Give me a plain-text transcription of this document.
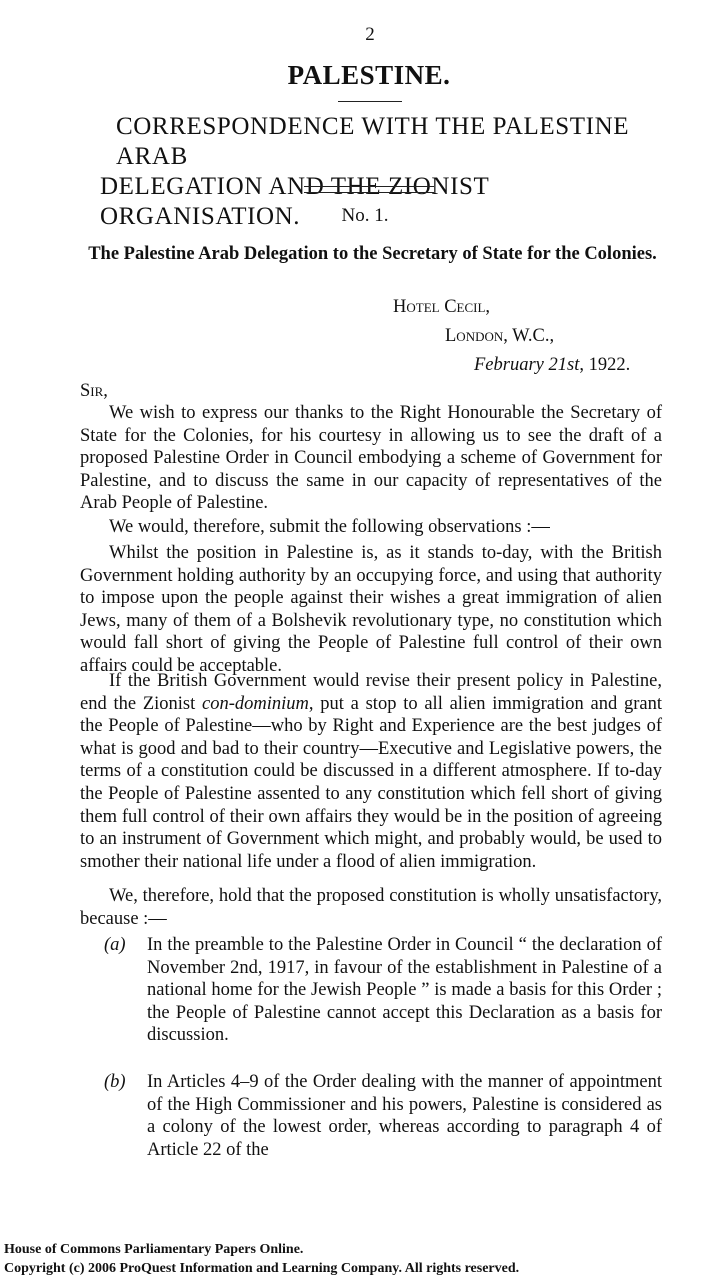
2
PALESTINE.
CORRESPONDENCE WITH THE PALESTINE ARAB
DELEGATION AND THE ZIONIST ORGANISATION.	No. 1.
The Palestine Arab Delegation to the Secretary of State for the Colonies.
Hotel Cecil,
London, W.C.,
February 21st, 1922.
Sir,

We wish to express our thanks to the Right Honourable the Secretary of State for the Colonies, for his courtesy in allowing us to see the draft of a proposed Palestine Order in Council embodying a scheme of Government for Palestine, and to discuss the same in our capacity of representatives of the Arab People of Palestine.

We would, therefore, submit the following observations :—

Whilst the position in Palestine is, as it stands to-day, with the British Government holding authority by an occupying force, and using that authority to impose upon the people against their wishes a great immigration of alien Jews, many of them of a Bolshevik revolutionary type, no constitution which would fall short of giving the People of Palestine full control of their own affairs could be acceptable.

If the British Government would revise their present policy in Palestine, end the Zionist con-dominium, put a stop to all alien immigration and grant the People of Palestine—who by Right and Experience are the best judges of what is good and bad to their country—Executive and Legislative powers, the terms of a constitution could be discussed in a different atmosphere. If to-day the People of Palestine assented to any constitution which fell short of giving them full control of their own affairs they would be in the position of agreeing to an instrument of Government which might, and probably would, be used to smother their national life under a flood of alien immigration.

We, therefore, hold that the proposed constitution is wholly unsatisfactory, because :—

(a) In the preamble to the Palestine Order in Council “ the declaration of November 2nd, 1917, in favour of the establishment in Palestine of a national home for the Jewish People ” is made a basis for this Order ; the People of Palestine cannot accept this Declaration as a basis for discussion.
(b) In Articles 4–9 of the Order dealing with the manner of appointment of the High Commissioner and his powers, Palestine is considered as a colony of the lowest order, whereas according to paragraph 4 of Article 22 of the
House of Commons Parliamentary Papers Online.
Copyright (c) 2006 ProQuest Information and Learning Company. All rights reserved.
